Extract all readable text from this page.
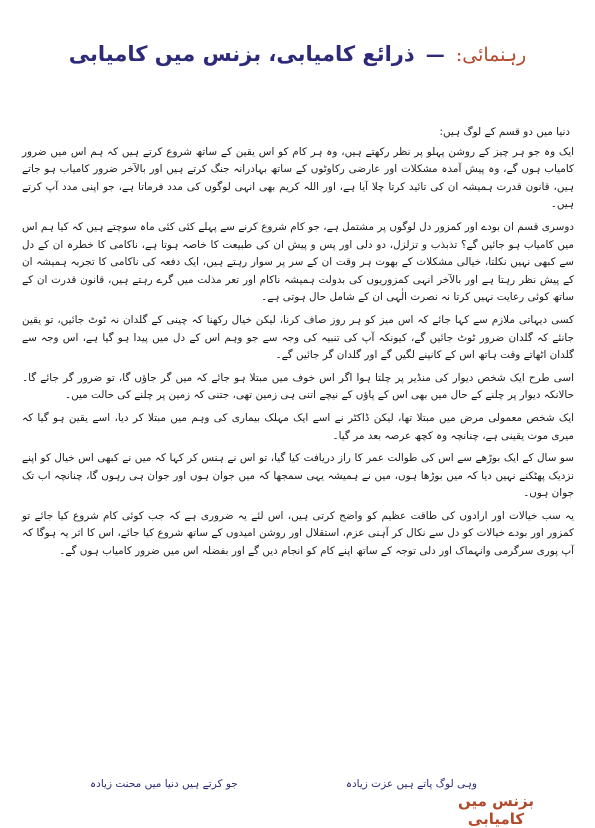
رہنمائی: — ذرائع کامیابی، بزنس میں کامیابی

دنیا میں دو قسم کے لوگ ہیں:

ایک وہ جو ہر چیز کے روشن پہلو پر نظر رکھتے ہیں، وہ ہر کام کو اس یقین کے ساتھ شروع کرتے ہیں کہ ہم اس میں ضرور کامیاب ہوں گے، وہ پیش آمدہ مشکلات اور عارضی رکاوٹوں کے ساتھ بہادرانہ جنگ کرتے ہیں اور بالآخر ضرور کامیاب ہو جاتے ہیں، قانون قدرت ہمیشہ ان کی تائید کرتا چلا آیا ہے، اور اللہ کریم بھی انہی لوگوں کی مدد فرماتا ہے، جو اپنی مدد آپ کرتے ہیں۔

دوسری قسم ان بودے اور کمزور دل لوگوں پر مشتمل ہے، جو کام شروع کرنے سے پہلے کئی کئی ماہ سوچتے ہیں کہ کیا ہم اس میں کامیاب ہو جائیں گے؟ تذبذب و تزلزل، دو دلی اور پس و پیش ان کی طبیعت کا خاصہ ہوتا ہے، ناکامی کا خطرہ ان کے دل سے کبھی نہیں نکلتا، خیالی مشکلات کے بھوت ہر وقت ان کے سر پر سوار رہتے ہیں، ایک دفعہ کی ناکامی کا تجربہ ہمیشہ ان کے پیش نظر رہتا ہے اور بالآخر انہی کمزوریوں کی بدولت ہمیشہ ناکام اور تعر مذلت میں گرے رہتے ہیں، قانون قدرت ان کے ساتھ کوئی رعایت نہیں کرتا نہ نصرت الٰہی ان کے شامل حال ہوتی ہے۔

کسی دیہاتی ملازم سے کہا جائے کہ اس میز کو ہر روز صاف کرنا، لیکن خیال رکھنا کہ چینی کے گلدان نہ ٹوٹ جائیں، تو یقین جانئے کہ گلدان ضرور ٹوٹ جائیں گے، کیونکہ آپ کی تنبیہ کی وجہ سے جو وہم اس کے دل میں پیدا ہو گیا ہے، اس وجہ سے گلدان اٹھاتے وقت ہاتھ اس کے کانپنے لگیں گے اور گلدان گر جائیں گے۔

اسی طرح ایک شخص دیوار کی منڈیر پر چلتا ہوا اگر اس خوف میں مبتلا ہو جائے کہ میں گر جاؤں گا، تو ضرور گر جائے گا۔ حالانکہ دیوار پر چلنے کے حال میں بھی اس کے پاؤں کے نیچے اتنی ہی زمین تھی، جتنی کہ زمین پر چلنے کی حالت میں۔

ایک شخص معمولی مرض میں مبتلا تھا، لیکن ڈاکٹر نے اسے ایک مہلک بیماری کی وہم میں مبتلا کر دیا، اسے یقین ہو گیا کہ میری موت یقینی ہے، چنانچہ وہ کچھ عرصہ بعد مر گیا۔

سو سال کے ایک بوڑھے سے اس کی طوالت عمر کا راز دریافت کیا گیا، تو اس نے ہنس کر کہا کہ میں نے کبھی اس خیال کو اپنے نزدیک پھٹکنے نہیں دیا کہ میں بوڑھا ہوں، میں نے ہمیشہ یہی سمجھا کہ میں جوان ہوں اور جوان ہی رہوں گا، چنانچہ اب تک جوان ہوں۔

یہ سب خیالات اور ارادوں کی طاقت عظیم کو واضح کرتی ہیں، اس لئے یہ ضروری ہے کہ جب کوئی کام شروع کیا جائے تو کمزور اور بودے خیالات کو دل سے نکال کر آہنی عزم، استقلال اور روشن امیدوں کے ساتھ شروع کیا جائے، اس کا اثر یہ ہوگا کہ آپ پوری سرگرمی وانہماک اور دلی توجہ کے ساتھ اپنے کام کو انجام دیں گے اور بفضلہ اس میں ضرور کامیاب ہوں گے۔

وہی لوگ پاتے ہیں عزت زیادہ
جو کرتے ہیں دنیا میں محنت زیادہ
بزنس میں کامیابی
